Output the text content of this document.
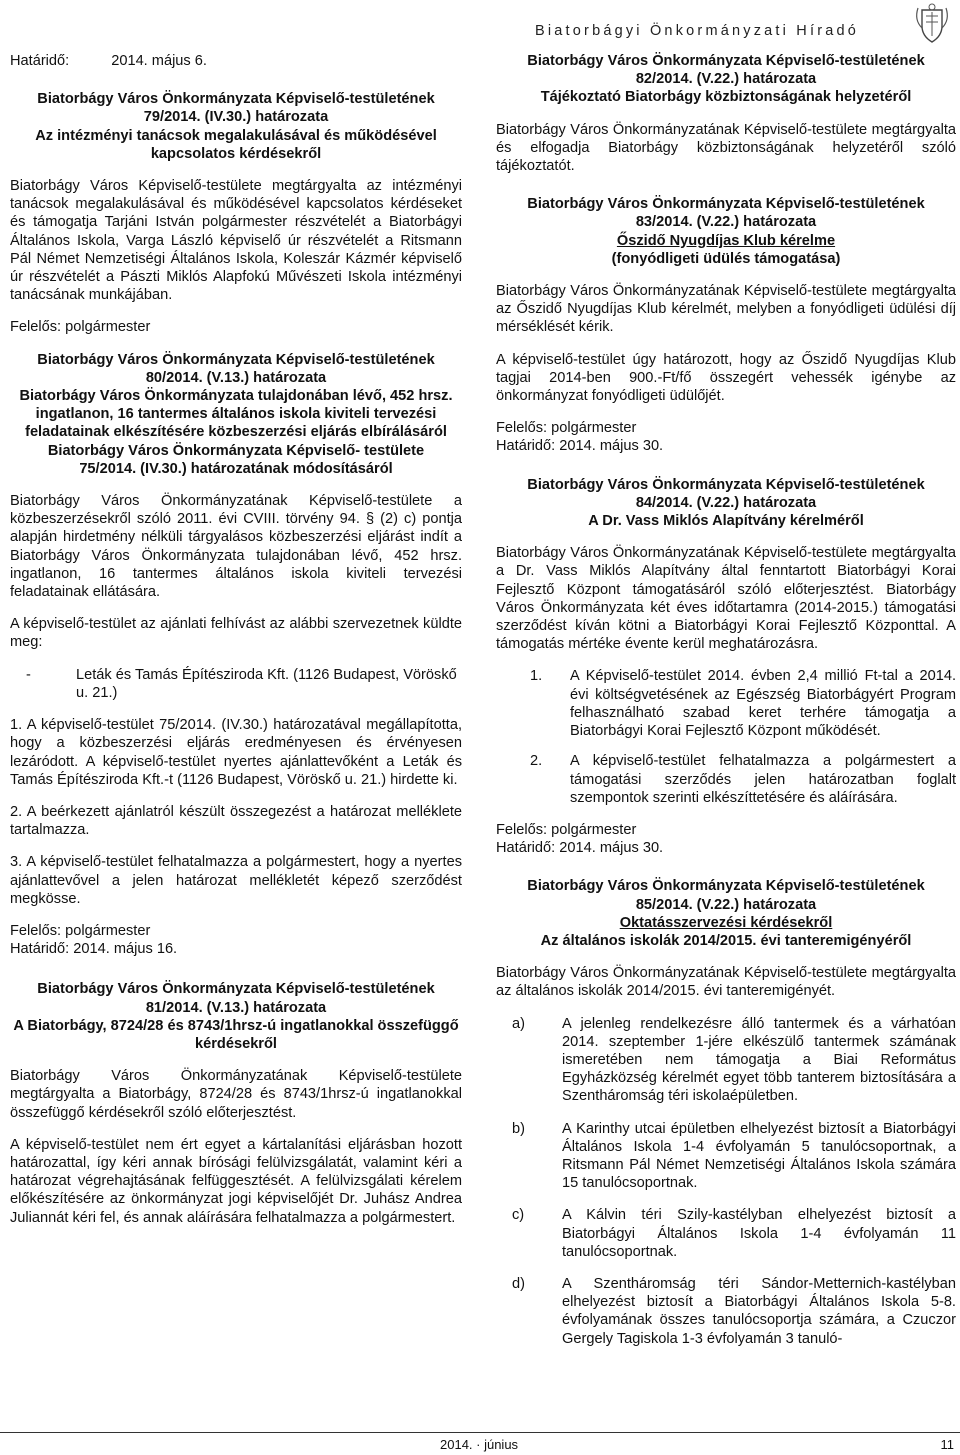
Biatorbágyi Önkormányzati Híradó

Határidő:	2014. május 6.

Biatorbágy Város Önkormányzata Képviselő-testületének
79/2014. (IV.30.) határozata
Az intézményi tanácsok megalakulásával és működésével
kapcsolatos kérdésekről

Biatorbágy Város Képviselő-testülete megtárgyalta az intézményi tanácsok megalakulásával és működésével kapcsolatos kérdéseket és támogatja Tarjáni István polgármester részvételét a Biatorbágyi Általános Iskola, Varga László képviselő úr részvételét a Ritsmann Pál Német Nemzetiségi Általános Iskola, Koleszár Kázmér képviselő úr részvételét a Pászti Miklós Alapfokú Művészeti Iskola intézményi tanácsának munkájában.

Felelős: polgármester

Biatorbágy Város Önkormányzata Képviselő-testületének
80/2014. (V.13.) határozata
Biatorbágy Város Önkormányzata tulajdonában lévő, 452 hrsz. ingatlanon, 16 tantermes általános iskola kiviteli tervezési feladatainak elkészítésére közbeszerzési eljárás elbírálásáról
Biatorbágy Város Önkormányzata Képviselő- testülete
75/2014. (IV.30.) határozatának módosításáról

Biatorbágy Város Önkormányzatának Képviselő-testülete a közbeszerzésekről szóló 2011. évi CVIII. törvény 94. § (2) c) pontja alapján hirdetmény nélküli tárgyalásos közbeszerzési eljárást indít a Biatorbágy Város Önkormányzata tulajdonában lévő, 452 hrsz. ingatlanon, 16 tantermes általános iskola kiviteli tervezési feladatainak ellátására.

A képviselő-testület az ajánlati felhívást az alábbi szervezetnek küldte meg:

-	Leták és Tamás Építésziroda Kft. (1126 Budapest, Vöröskő u. 21.)

1. A képviselő-testület 75/2014. (IV.30.) határozatával megállapította, hogy a közbeszerzési eljárás eredményesen és érvényesen lezáródott. A képviselő-testület nyertes ajánlattevőként a Leták és Tamás Építésziroda Kft.-t (1126 Budapest, Vöröskő u. 21.) hirdette ki.

2. A beérkezett ajánlatról készült összegezést a határozat melléklete tartalmazza.

3. A képviselő-testület felhatalmazza a polgármestert, hogy a nyertes ajánlattevővel a jelen határozat mellékletét képező szerződést megkösse.

Felelős: polgármester

Határidő: 2014. május 16.

Biatorbágy Város Önkormányzata Képviselő-testületének
81/2014. (V.13.) határozata
A Biatorbágy, 8724/28 és 8743/1hrsz-ú ingatlanokkal összefüggő kérdésekről

Biatorbágy Város Önkormányzatának Képviselő-testülete megtárgyalta a Biatorbágy, 8724/28 és 8743/1hrsz-ú ingatlanokkal összefüggő kérdésekről szóló előterjesztést.

A képviselő-testület nem ért egyet a kártalanítási eljárásban hozott határozattal, így kéri annak bírósági felülvizsgálatát, valamint kéri a határozat végrehajtásának felfüggesztését. A felülvizsgálati kérelem előkészítésére az önkormányzat jogi képviselőjét Dr. Juhász Andrea Juliannát kéri fel, és annak aláírására felhatalmazza a polgármestert.

Biatorbágy Város Önkormányzata Képviselő-testületének
82/2014. (V.22.) határozata
Tájékoztató Biatorbágy közbiztonságának helyzetéről

Biatorbágy Város Önkormányzatának Képviselő-testülete megtárgyalta és elfogadja Biatorbágy közbiztonságának helyzetéről szóló tájékoztatót.

Biatorbágy Város Önkormányzata Képviselő-testületének
83/2014. (V.22.) határozata
Őszidő Nyugdíjas Klub kérelme
(fonyódligeti üdülés támogatása)

Biatorbágy Város Önkormányzatának Képviselő-testülete megtárgyalta az Őszidő Nyugdíjas Klub kérelmét, melyben a fonyódligeti üdülési díj mérséklését kérik.

A képviselő-testület úgy határozott, hogy az Őszidő Nyugdíjas Klub tagjai 2014-ben 900.-Ft/fő összegért vehessék igénybe az önkormányzat fonyódligeti üdülőjét.

Felelős: polgármester

Határidő: 2014. május 30.

Biatorbágy Város Önkormányzata Képviselő-testületének
84/2014. (V.22.) határozata
A Dr. Vass Miklós Alapítvány kérelméről

Biatorbágy Város Önkormányzatának Képviselő-testülete megtárgyalta a Dr. Vass Miklós Alapítvány által fenntartott Biatorbágyi Korai Fejlesztő Központ támogatásáról szóló előterjesztést. Biatorbágy Város Önkormányzata két éves időtartamra (2014-2015.) támogatási szerződést kíván kötni a Biatorbágyi Korai Fejlesztő Központtal. A támogatás mértéke évente kerül meghatározásra.

1.	A Képviselő-testület 2014. évben 2,4 millió Ft-tal a 2014. évi költségvetésének az Egészség Biatorbágyért Program felhasználható szabad keret terhére támogatja a Biatorbágyi Korai Fejlesztő Központ működését.
2.	A képviselő-testület felhatalmazza a polgármestert a támogatási szerződés jelen határozatban foglalt szempontok szerinti elkészíttetésére és aláírására.

Felelős: polgármester

Határidő: 2014. május 30.

Biatorbágy Város Önkormányzata Képviselő-testületének
85/2014. (V.22.) határozata
Oktatásszervezési kérdésekről
Az általános iskolák 2014/2015. évi tanteremigényéről

Biatorbágy Város Önkormányzatának Képviselő-testülete megtárgyalta az általános iskolák 2014/2015. évi tanteremigényét.

a)	A jelenleg rendelkezésre álló tantermek és a várhatóan 2014. szeptember 1-jére elkészülő tantermek számának ismeretében nem támogatja a Biai Református Egyházközség kérelmét egyet több tanterem biztosítására a Szentháromság téri iskolaépületben.
b)	A Karinthy utcai épületben elhelyezést biztosít a Biatorbágyi Általános Iskola 1-4 évfolyamán 5 tanulócsoportnak, a Ritsmann Pál Német Nemzetiségi Általános Iskola számára 15 tanulócsoportnak.
c)	A Kálvin téri Szily-kastélyban elhelyezést biztosít a Biatorbágyi Általános Iskola 1-4 évfolyamán 11 tanulócsoportnak.
d)	A Szentháromság téri Sándor-Metternich-kastélyban elhelyezést biztosít a Biatorbágyi Általános Iskola 5-8. évfolyamának összes tanulócsoportja számára, a Czuczor Gergely Tagiskola 1-3 évfolyamán 3 tanuló-
2014. · június	11
